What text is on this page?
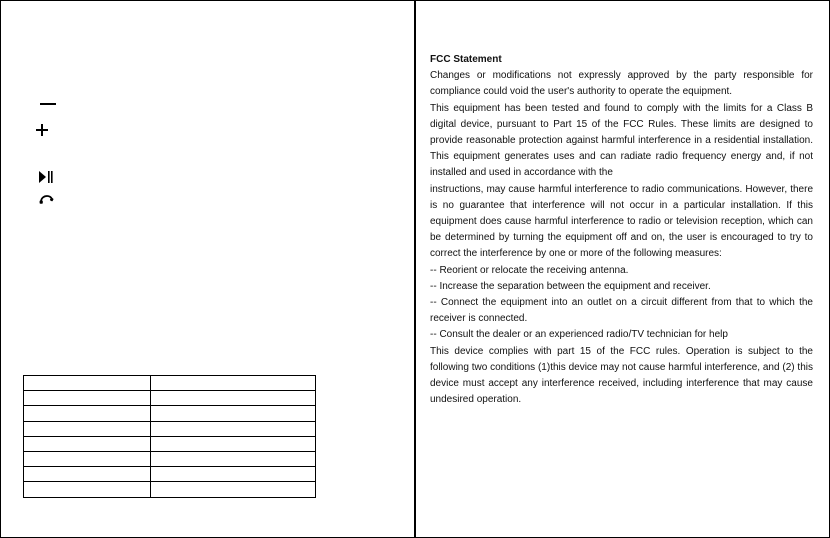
FCC Statement

Changes or modifications not expressly approved by the party responsible for compliance could void the user's authority to operate the equipment.

This equipment has been tested and found to comply with the limits for a Class B digital device, pursuant to Part 15 of the FCC Rules. These limits are designed to provide reasonable protection against harmful interference in a residential installation. This equipment generates uses and can radiate radio frequency energy and, if not installed and used in accordance with the

instructions, may cause harmful interference to radio communications. However, there is no guarantee that interference will not occur in a particular installation. If this equipment does cause harmful interference to radio or television reception, which can be determined by turning the equipment off and on, the user is encouraged to try to correct the interference by one or more of the following measures:

-- Reorient or relocate the receiving antenna.

-- Increase the separation between the equipment and receiver.

-- Connect the equipment into an outlet on a circuit different from that to which the receiver is connected.

-- Consult the dealer or an experienced radio/TV technician for help

This device complies with part 15 of the FCC rules. Operation is subject to the following two conditions (1)this device may not cause harmful interference, and (2) this device must accept any interference received, including interference that may cause undesired operation.
